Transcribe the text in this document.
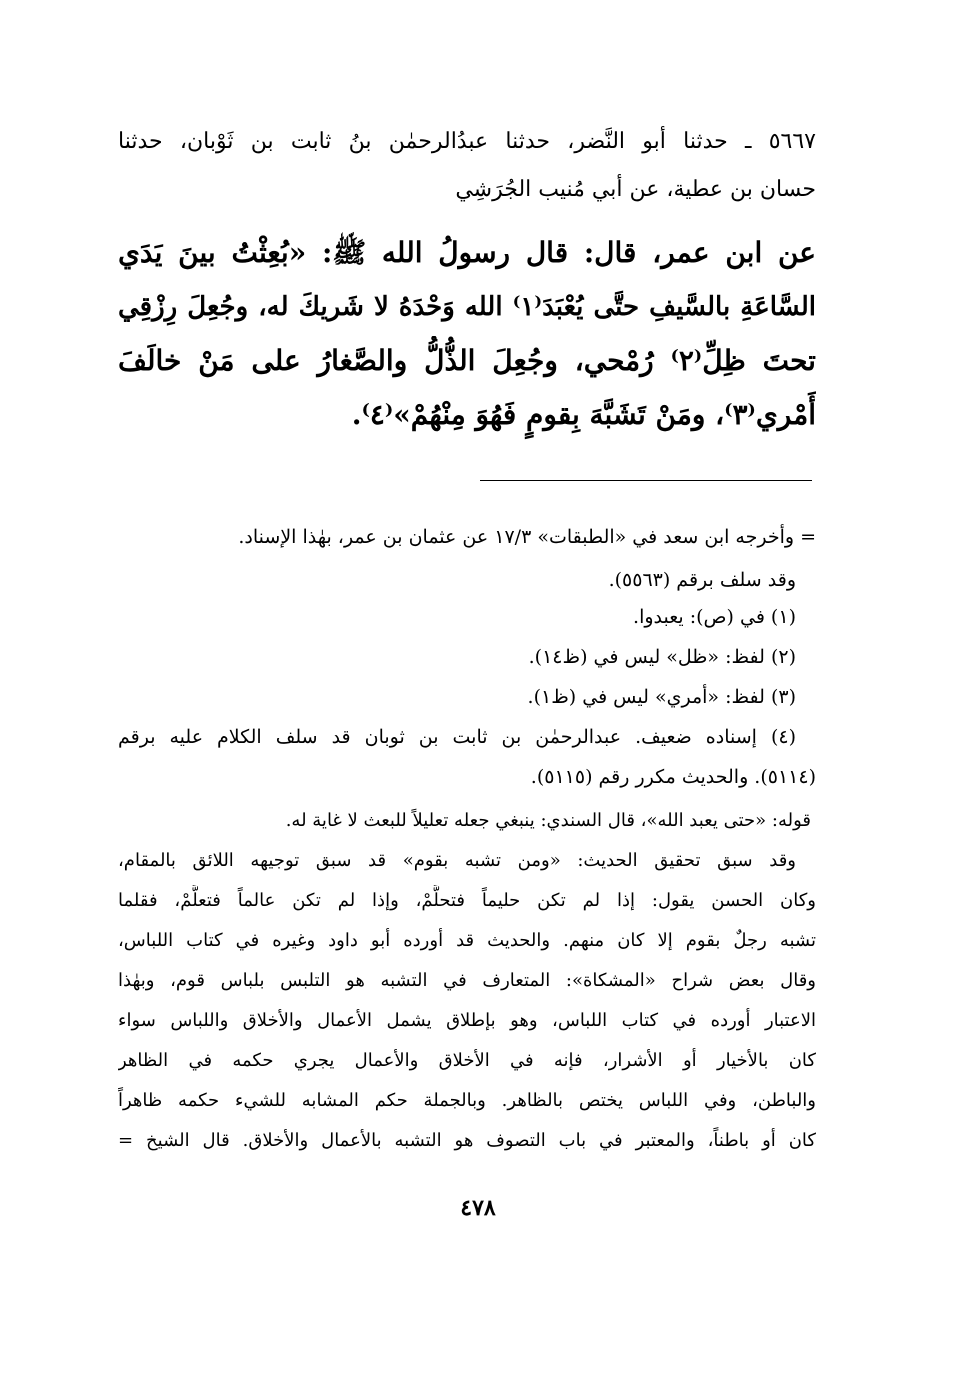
٥٦٦٧ ـ حدثنا أبو النَّضر، حدثنا عبدُالرحمٰن بنُ ثابت بن ثَوْبان، حدثنا
حسان بن عطية، عن أبي مُنيب الجُرَشِي
عن ابن عمر، قال: قال رسولُ الله ﷺ: «بُعِثْتُ بينَ يَدَي
السَّاعَةِ بالسَّيفِ حتَّى يُعْبَدَ⁽١⁾ الله وَحْدَهُ لا شَريكَ له، وجُعِلَ رِزْقِي
تحتَ ظِلِّ⁽٢⁾ رُمْحي، وجُعِلَ الذُّلُّ والصَّغارُ على مَنْ خالَفَ
أَمْري⁽٣⁾، ومَنْ تَشَبَّهَ بِقومٍ فَهُوَ مِنْهُمْ»⁽٤⁾.
= وأخرجه ابن سعد في «الطبقات» ١٧/٣ عن عثمان بن عمر، بهٰذا الإسناد.
وقد سلف برقم (٥٥٦٣).
(١) في (ص): يعبدوا.
(٢) لفظ: «ظل» ليس في (ظ١٤).
(٣) لفظ: «أمري» ليس في (ظ١).
(٤) إسناده ضعيف. عبدالرحمٰن بن ثابت بن ثوبان قد سلف الكلام عليه برقم
(٥١١٤). والحديث مكرر رقم (٥١١٥).
قوله: «حتى يعبد الله»، قال السندي: ينبغي جعله تعليلاً للبعث لا غاية له.
وقد سبق تحقيق الحديث: «ومن تشبه بقوم» قد سبق توجيهه اللائق بالمقام،
وكان الحسن يقول: إذا لم تكن حليماً فتحلَّمْ، وإذا لم تكن عالماً فتعلَّمْ، فقلما
تشبه رجلٌ بقوم إلا كان منهم. والحديث قد أورده أبو داود وغيره في كتاب اللباس،
وقال بعض شراح «المشكاة»: المتعارف في التشبه هو التلبس بلباس قوم، وبهٰذا
الاعتبار أورده في كتاب اللباس، وهو بإطلاق يشمل الأعمال والأخلاق واللباس سواء
كان بالأخيار أو الأشرار، فإنه في الأخلاق والأعمال يجري حكمه في الظاهر
والباطن، وفي اللباس يختص بالظاهر. وبالجملة حكم المشابه للشيء حكمه ظاهراً
كان أو باطناً، والمعتبر في باب التصوف هو التشبه بالأعمال والأخلاق. قال الشيخ =
٤٧٨
